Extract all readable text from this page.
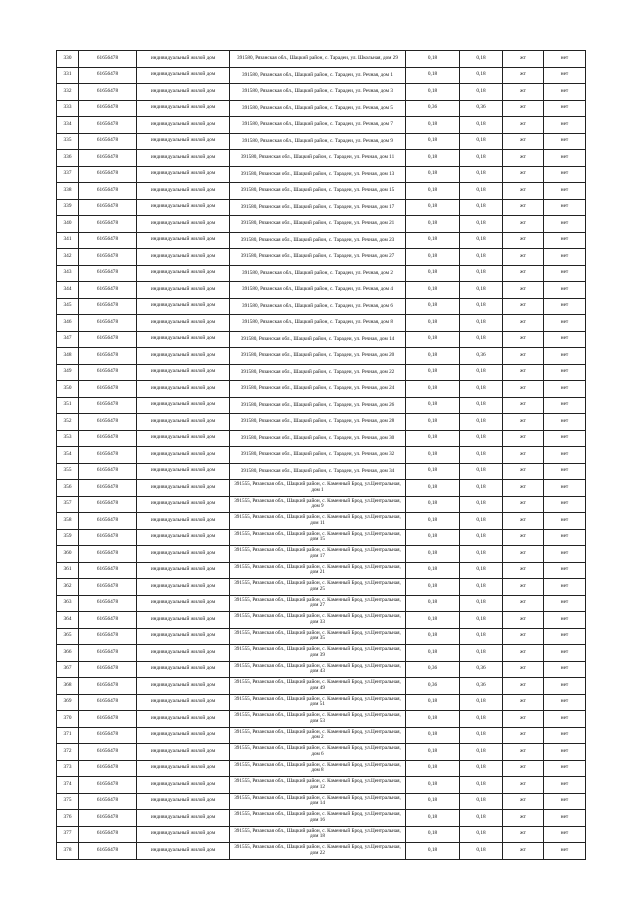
330	61656478	индивидуальный жилой дом	391580, Рязанская обл., Шацкий район, с. Тарадеи, ул. Школьная, дом 29	0,18	0,18	жт	нет
331	61656478	индивидуальный жилой дом	391580, Рязанская обл., Шацкий район, с. Тарадеи, ул. Речная, дом 1	0,18	0,18	жт	нет
332	61656478	индивидуальный жилой дом	391580, Рязанская обл., Шацкий район, с. Тарадеи, ул. Речная, дом 3	0,18	0,18	жт	нет
333	61656478	индивидуальный жилой дом	391580, Рязанская обл., Шацкий район, с. Тарадеи, ул. Речная, дом 5	0,36	0,36	жт	нет
334	61656478	индивидуальный жилой дом	391580, Рязанская обл., Шацкий район, с. Тарадеи, ул. Речная, дом 7	0,18	0,18	жт	нет
335	61656478	индивидуальный жилой дом	391580, Рязанская обл., Шацкий район, с. Тарадеи, ул. Речная, дом 9	0,18	0,18	жт	нет
336	61656478	индивидуальный жилой дом	391580, Рязанская обл., Шацкий район, с. Тарадеи, ул. Речная, дом 11	0,18	0,18	жт	нет
337	61656478	индивидуальный жилой дом	391580, Рязанская обл., Шацкий район, с. Тарадеи, ул. Речная, дом 13	0,18	0,18	жт	нет
338	61656478	индивидуальный жилой дом	391580, Рязанская обл., Шацкий район, с. Тарадеи, ул. Речная, дом 15	0,18	0,18	жт	нет
339	61656478	индивидуальный жилой дом	391580, Рязанская обл., Шацкий район, с. Тарадеи, ул. Речная, дом 17	0,18	0,18	жт	нет
340	61656478	индивидуальный жилой дом	391580, Рязанская обл., Шацкий район, с. Тарадеи, ул. Речная, дом 21	0,18	0,18	жт	нет
341	61656478	индивидуальный жилой дом	391580, Рязанская обл., Шацкий район, с. Тарадеи, ул. Речная, дом 23	0,18	0,18	жт	нет
342	61656478	индивидуальный жилой дом	391580, Рязанская обл., Шацкий район, с. Тарадеи, ул. Речная, дом 27	0,18	0,18	жт	нет
343	61656478	индивидуальный жилой дом	391580, Рязанская обл., Шацкий район, с. Тарадеи, ул. Речная, дом 2	0,18	0,18	жт	нет
344	61656478	индивидуальный жилой дом	391580, Рязанская обл., Шацкий район, с. Тарадеи, ул. Речная, дом 4	0,18	0,18	жт	нет
345	61656478	индивидуальный жилой дом	391580, Рязанская обл., Шацкий район, с. Тарадеи, ул. Речная, дом 6	0,18	0,18	жт	нет
346	61656478	индивидуальный жилой дом	391580, Рязанская обл., Шацкий район, с. Тарадеи, ул. Речная, дом 8	0,18	0,18	жт	нет
347	61656478	индивидуальный жилой дом	391580, Рязанская обл., Шацкий район, с. Тарадеи, ул. Речная, дом 14	0,18	0,18	жт	нет
348	61656478	индивидуальный жилой дом	391580, Рязанская обл., Шацкий район, с. Тарадеи, ул. Речная, дом 20	0,18	0,36	жт	нет
349	61656478	индивидуальный жилой дом	391580, Рязанская обл., Шацкий район, с. Тарадеи, ул. Речная, дом 22	0,18	0,18	жт	нет
350	61656478	индивидуальный жилой дом	391580, Рязанская обл., Шацкий район, с. Тарадеи, ул. Речная, дом 24	0,18	0,18	жт	нет
351	61656478	индивидуальный жилой дом	391580, Рязанская обл., Шацкий район, с. Тарадеи, ул. Речная, дом 26	0,18	0,18	жт	нет
352	61656478	индивидуальный жилой дом	391580, Рязанская обл., Шацкий район, с. Тарадеи, ул. Речная, дом 28	0,18	0,18	жт	нет
353	61656478	индивидуальный жилой дом	391580, Рязанская обл., Шацкий район, с. Тарадеи, ул. Речная, дом 30	0,18	0,18	жт	нет
354	61656478	индивидуальный жилой дом	391580, Рязанская обл., Шацкий район, с. Тарадеи, ул. Речная, дом 32	0,18	0,18	жт	нет
355	61656478	индивидуальный жилой дом	391580, Рязанская обл., Шацкий район, с. Тарадеи, ул. Речная, дом 34	0,18	0,18	жт	нет
356	61656478	индивидуальный жилой дом	391555, Рязанская обл., Шацкий район, с. Каменный Брод, ул.Центральная, дом 1	0,18	0,18	жт	нет
357	61656478	индивидуальный жилой дом	391555, Рязанская обл., Шацкий район, с. Каменный Брод, ул.Центральная, дом 9	0,18	0,18	жт	нет
358	61656478	индивидуальный жилой дом	391555, Рязанская обл., Шацкий район, с. Каменный Брод, ул.Центральная, дом 11	0,18	0,18	жт	нет
359	61656478	индивидуальный жилой дом	391555, Рязанская обл., Шацкий район, с. Каменный Брод, ул.Центральная, дом 15	0,18	0,18	жт	нет
360	61656478	индивидуальный жилой дом	391555, Рязанская обл., Шацкий район, с. Каменный Брод, ул.Центральная, дом 17	0,18	0,18	жт	нет
361	61656478	индивидуальный жилой дом	391555, Рязанская обл., Шацкий район, с. Каменный Брод, ул.Центральная, дом 21	0,18	0,18	жт	нет
362	61656478	индивидуальный жилой дом	391555, Рязанская обл., Шацкий район, с. Каменный Брод, ул.Центральная, дом 25	0,18	0,18	жт	нет
363	61656478	индивидуальный жилой дом	391555, Рязанская обл., Шацкий район, с. Каменный Брод, ул.Центральная, дом 27	0,18	0,18	жт	нет
364	61656478	индивидуальный жилой дом	391555, Рязанская обл., Шацкий район, с. Каменный Брод, ул.Центральная, дом 33	0,18	0,18	жт	нет
365	61656478	индивидуальный жилой дом	391555, Рязанская обл., Шацкий район, с. Каменный Брод, ул.Центральная, дом 35	0,18	0,18	жт	нет
366	61656478	индивидуальный жилой дом	391555, Рязанская обл., Шацкий район, с. Каменный Брод, ул.Центральная, дом 39	0,18	0,18	жт	нет
367	61656478	индивидуальный жилой дом	391555, Рязанская обл., Шацкий район, с. Каменный Брод, ул.Центральная, дом 43	0,36	0,36	жт	нет
368	61656478	индивидуальный жилой дом	391555, Рязанская обл., Шацкий район, с. Каменный Брод, ул.Центральная, дом 49	0,36	0,36	жт	нет
369	61656478	индивидуальный жилой дом	391555, Рязанская обл., Шацкий район, с. Каменный Брод, ул.Центральная, дом 51	0,18	0,18	жт	нет
370	61656478	индивидуальный жилой дом	391555, Рязанская обл., Шацкий район, с. Каменный Брод, ул.Центральная, дом 53	0,18	0,18	жт	нет
371	61656478	индивидуальный жилой дом	391555, Рязанская обл., Шацкий район, с. Каменный Брод, ул.Центральная, дом 2	0,18	0,18	жт	нет
372	61656478	индивидуальный жилой дом	391555, Рязанская обл., Шацкий район, с. Каменный Брод, ул.Центральная, дом 6	0,18	0,18	жт	нет
373	61656478	индивидуальный жилой дом	391555, Рязанская обл., Шацкий район, с. Каменный Брод, ул.Центральная, дом 8	0,18	0,18	жт	нет
374	61656478	индивидуальный жилой дом	391555, Рязанская обл., Шацкий район, с. Каменный Брод, ул.Центральная, дом 12	0,18	0,18	жт	нет
375	61656478	индивидуальный жилой дом	391555, Рязанская обл., Шацкий район, с. Каменный Брод, ул.Центральная, дом 14	0,18	0,18	жт	нет
376	61656478	индивидуальный жилой дом	391555, Рязанская обл., Шацкий район, с. Каменный Брод, ул.Центральная, дом 16	0,18	0,18	жт	нет
377	61656478	индивидуальный жилой дом	391555, Рязанская обл., Шацкий район, с. Каменный Брод, ул.Центральная, дом 18	0,18	0,18	жт	нет
378	61656478	индивидуальный жилой дом	391555, Рязанская обл., Шацкий район, с. Каменный Брод, ул.Центральная, дом 22	0,18	0,18	жт	нет
